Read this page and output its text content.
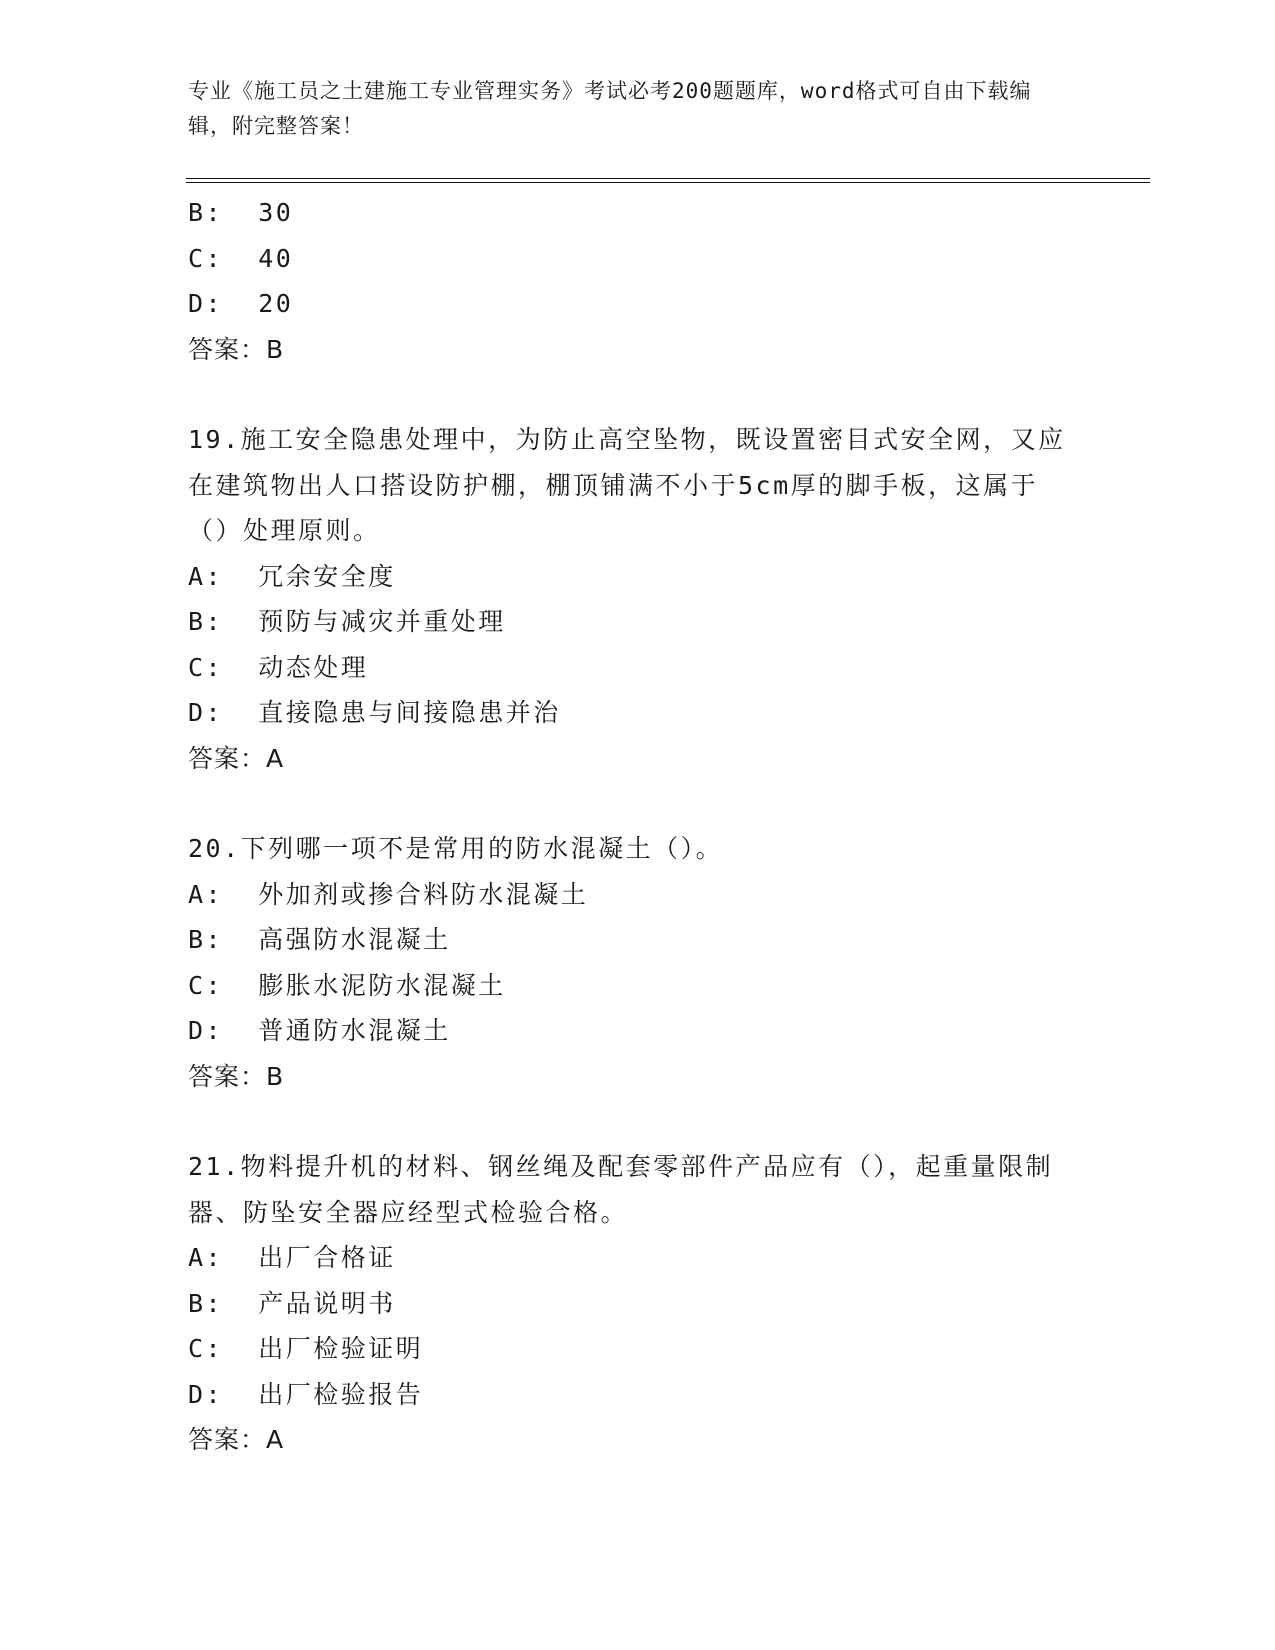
专业《施工员之土建施工专业管理实务》考试必考200题题库，word格式可自由下载编辑，附完整答案！
B:  30
C:  40
D:  20
答案：B
19.施工安全隐患处理中，为防止高空坠物，既设置密目式安全网，又应在建筑物出人口搭设防护棚，棚顶铺满不小于5cm厚的脚手板，这属于（）处理原则。
A:  冗余安全度
B:  预防与减灾并重处理
C:  动态处理
D:  直接隐患与间接隐患并治
答案：A
20.下列哪一项不是常用的防水混凝土（）。
A:  外加剂或掺合料防水混凝土
B:  高强防水混凝土
C:  膨胀水泥防水混凝土
D:  普通防水混凝土
答案：B
21.物料提升机的材料、钢丝绳及配套零部件产品应有（），起重量限制器、防坠安全器应经型式检验合格。
A:  出厂合格证
B:  产品说明书
C:  出厂检验证明
D:  出厂检验报告
答案：A
